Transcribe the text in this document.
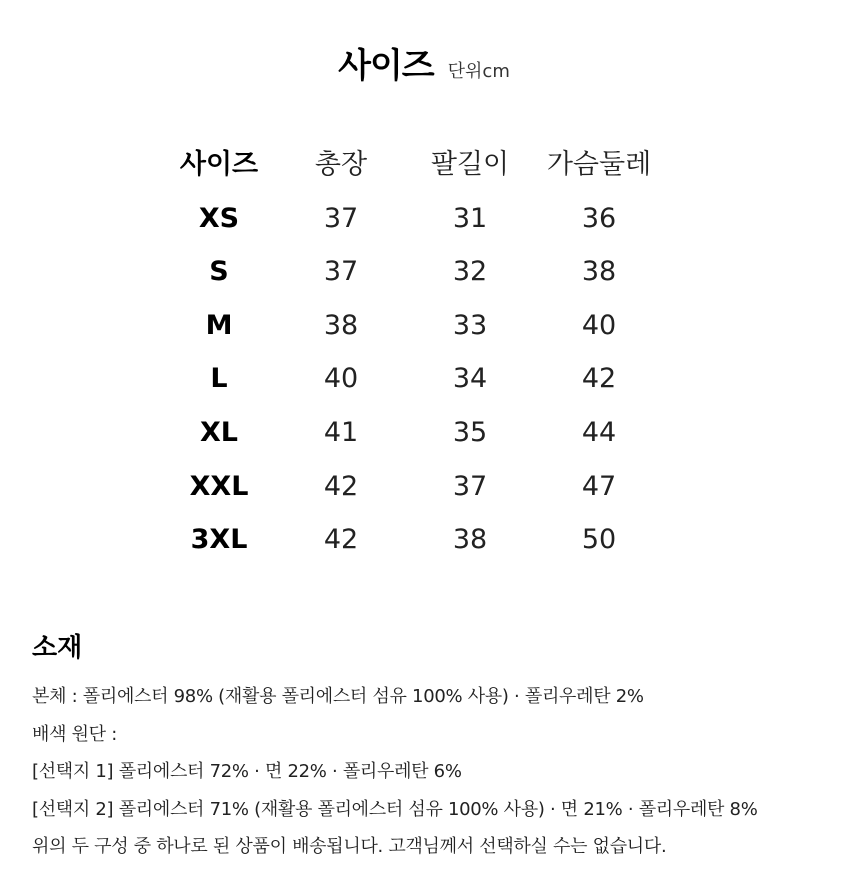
사이즈 단위cm
	사이즈	총장	팔길이	가슴둘레	
	XS	37	31	36	
	S	37	32	38	
	M	38	33	40	
	L	40	34	42	
	XL	41	35	44	
	XXL	42	37	47	
	3XL	42	38	50	
소재
본체 : 폴리에스터 98% (재활용 폴리에스터 섬유 100% 사용) · 폴리우레탄 2%
배색 원단 :
[선택지 1] 폴리에스터 72% · 면 22% · 폴리우레탄 6%
[선택지 2] 폴리에스터 71% (재활용 폴리에스터 섬유 100% 사용) · 면 21% · 폴리우레탄 8%
위의 두 구성 중 하나로 된 상품이 배송됩니다. 고객님께서 선택하실 수는 없습니다.
